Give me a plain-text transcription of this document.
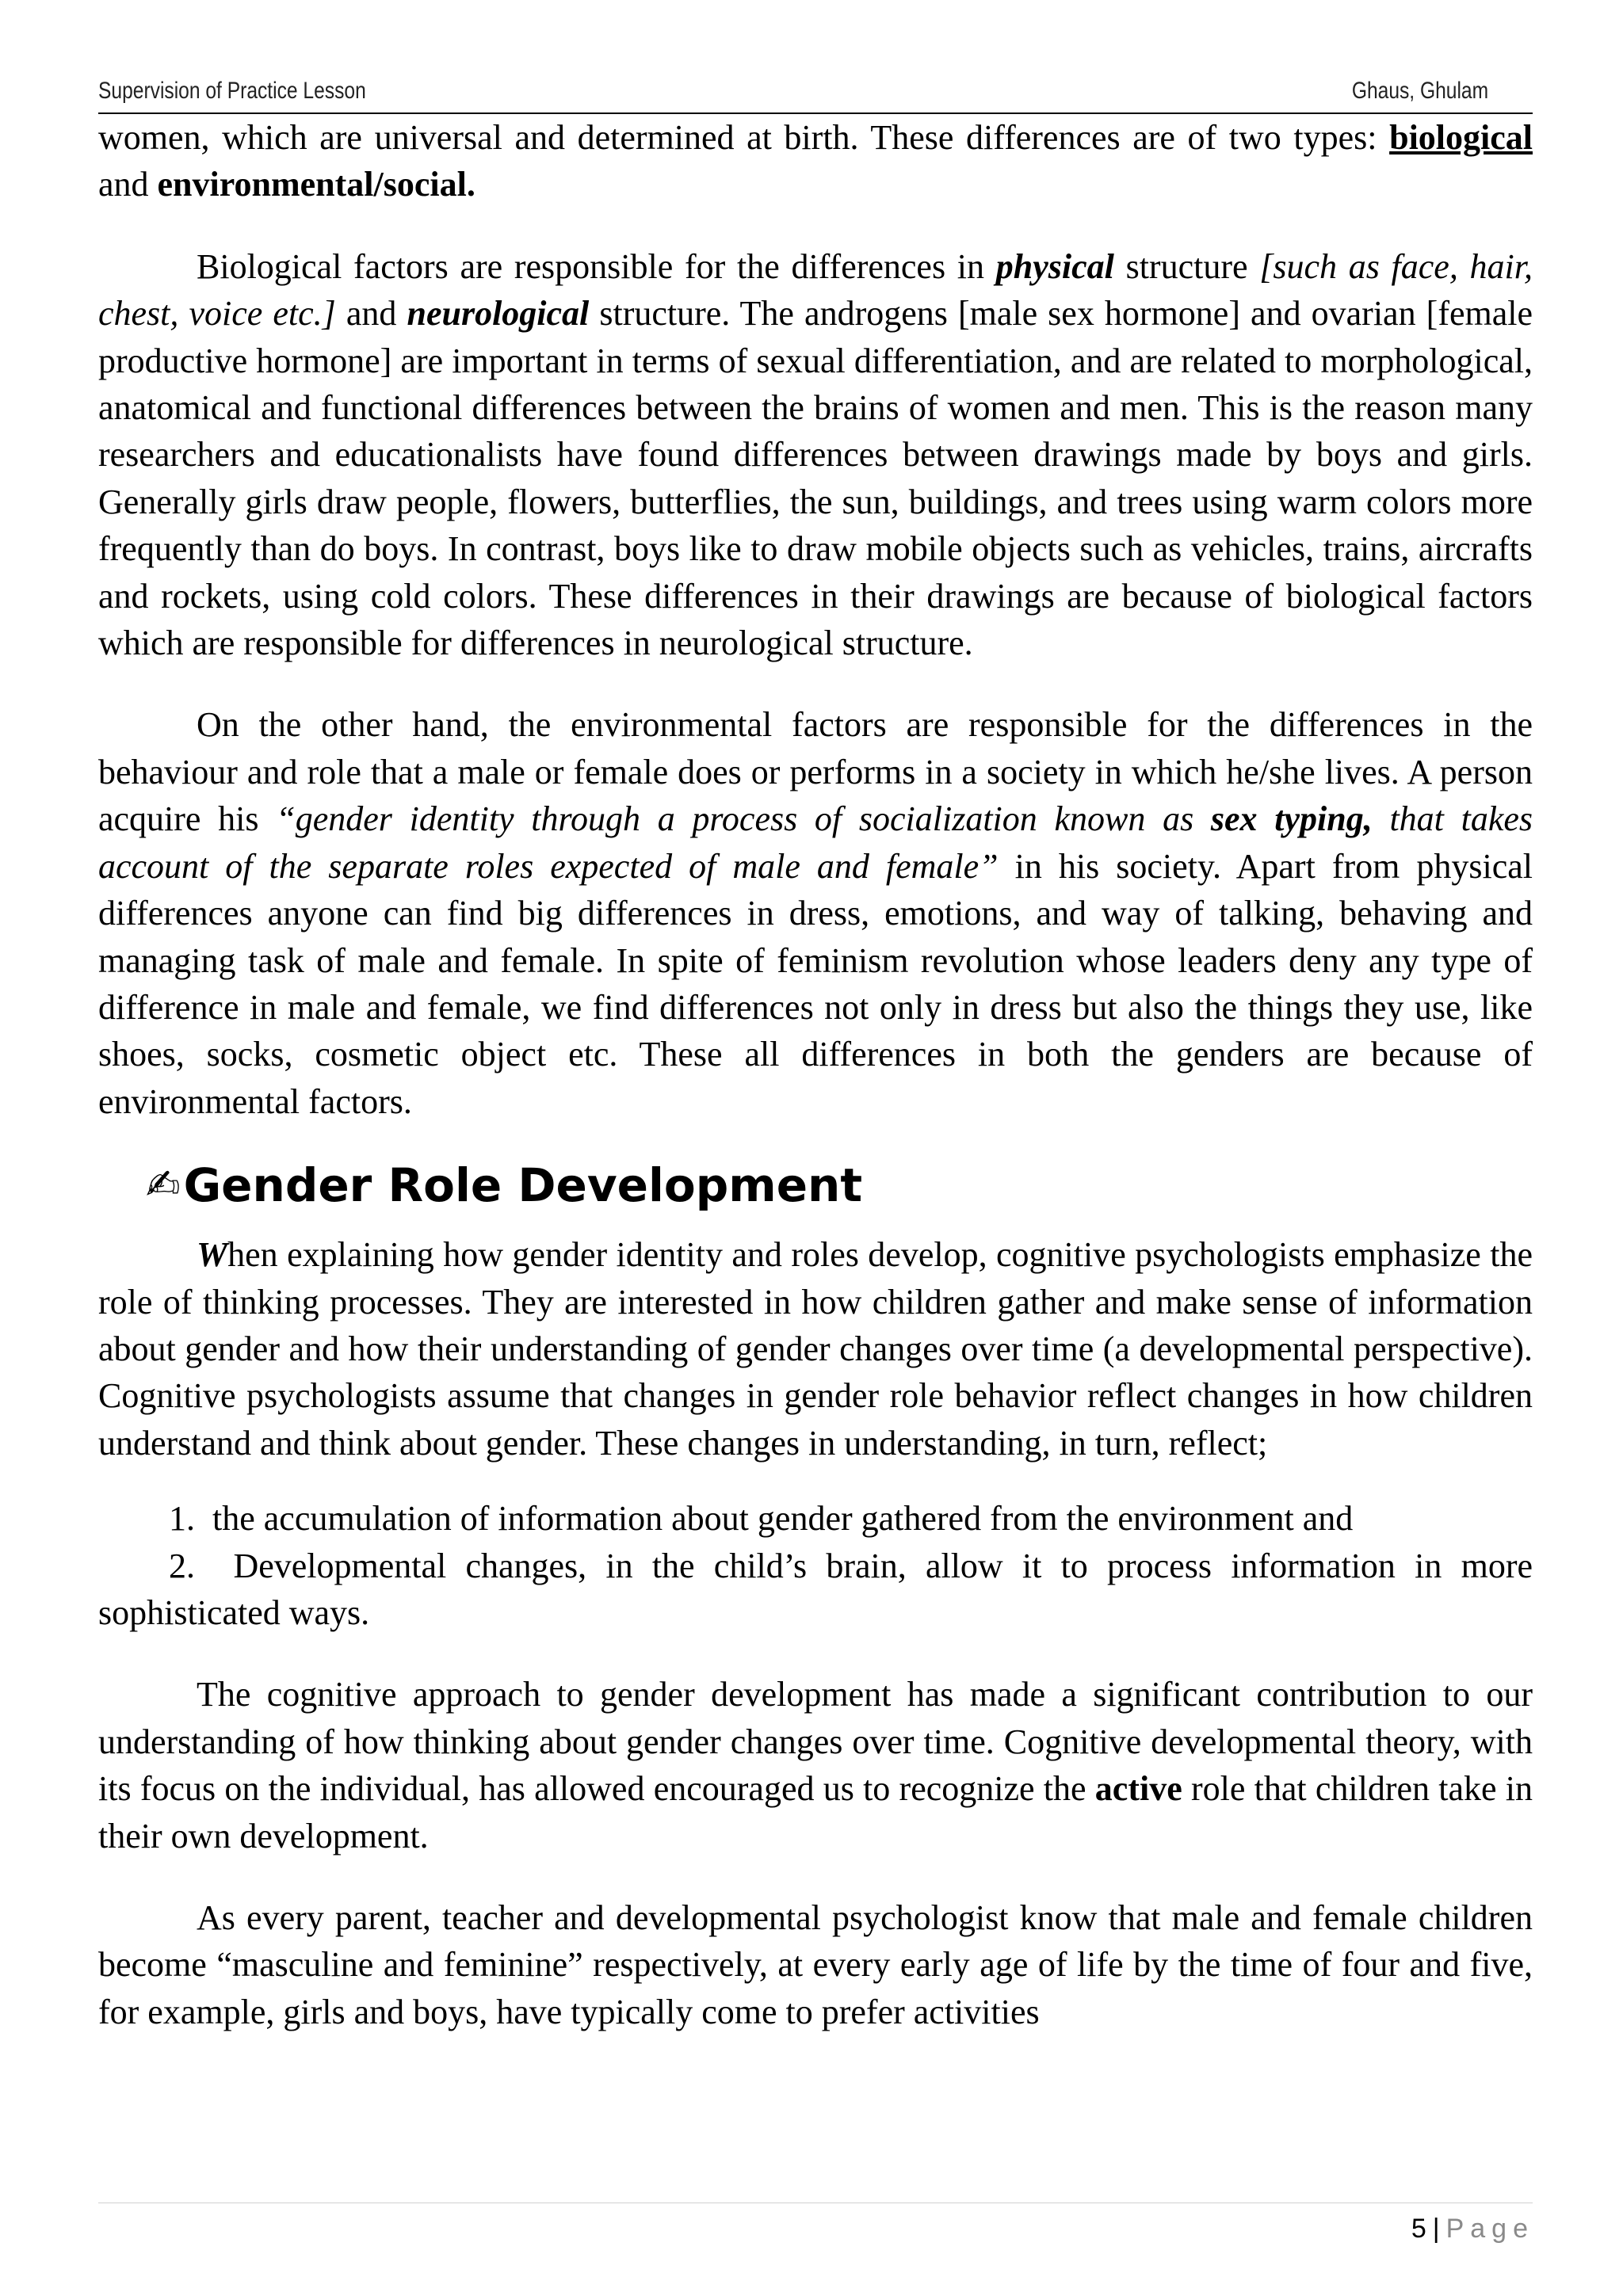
Supervision of Practice Lesson	Ghaus, Ghulam

women, which are universal and determined at birth. These differences are of two types: biological and environmental/social.

Biological factors are responsible for the differences in physical structure [such as face, hair, chest, voice etc.] and neurological structure. The androgens [male sex hormone] and ovarian [female productive hormone] are important in terms of sexual differentiation, and are related to morphological, anatomical and functional differences between the brains of women and men. This is the reason many researchers and educationalists have found differences between drawings made by boys and girls. Generally girls draw people, flowers, butterflies, the sun, buildings, and trees using warm colors more frequently than do boys. In contrast, boys like to draw mobile objects such as vehicles, trains, aircrafts and rockets, using cold colors. These differences in their drawings are because of biological factors which are responsible for differences in neurological structure.

On the other hand, the environmental factors are responsible for the differences in the behaviour and role that a male or female does or performs in a society in which he/she lives. A person acquire his “gender identity through a process of socialization known as sex typing, that takes account of the separate roles expected of male and female” in his society. Apart from physical differences anyone can find big differences in dress, emotions, and way of talking, behaving and managing task of male and female. In spite of feminism revolution whose leaders deny any type of difference in male and female, we find differences not only in dress but also the things they use, like shoes, socks, cosmetic object etc. These all differences in both the genders are because of environmental factors.

✍ Gender Role Development

When explaining how gender identity and roles develop, cognitive psychologists emphasize the role of thinking processes. They are interested in how children gather and make sense of information about gender and how their understanding of gender changes over time (a developmental perspective). Cognitive psychologists assume that changes in gender role behavior reflect changes in how children understand and think about gender. These changes in understanding, in turn, reflect;

1. the accumulation of information about gender gathered from the environment and
2. Developmental changes, in the child’s brain, allow it to process information in more sophisticated ways.

The cognitive approach to gender development has made a significant contribution to our understanding of how thinking about gender changes over time. Cognitive developmental theory, with its focus on the individual, has allowed encouraged us to recognize the active role that children take in their own development.

As every parent, teacher and developmental psychologist know that male and female children become “masculine and feminine” respectively, at every early age of life by the time of four and five, for example, girls and boys, have typically come to prefer activities

5 | Page
